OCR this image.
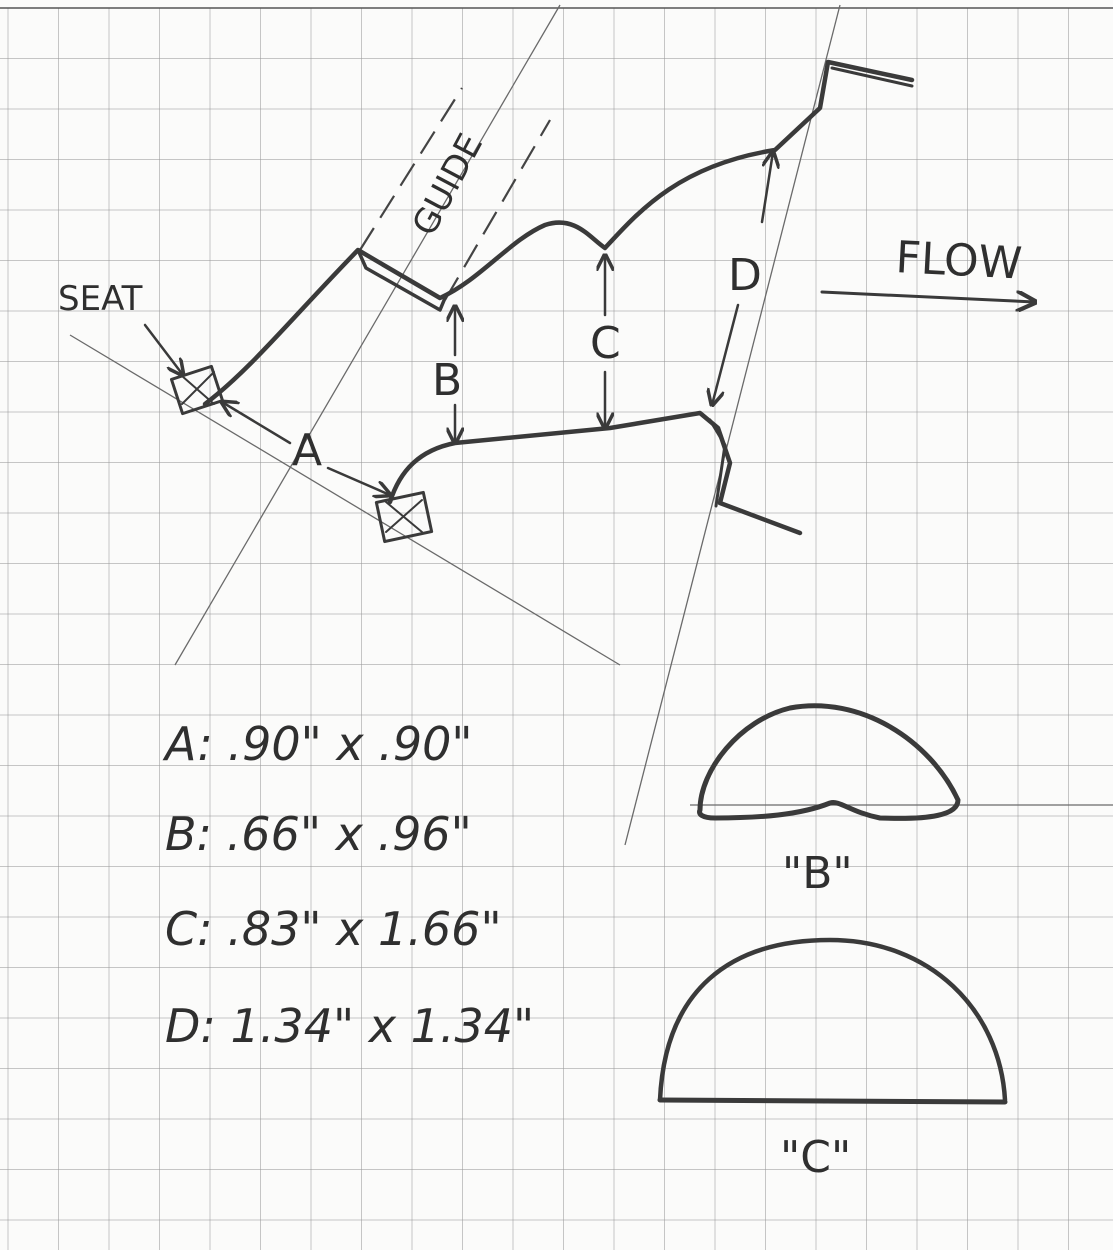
SEAT
GUIDE
FLOW
A
B
C
D
A: .90" x .90"
B: .66" x .96"
C: .83" x 1.66"
D: 1.34" x 1.34"
"B"
"C"
